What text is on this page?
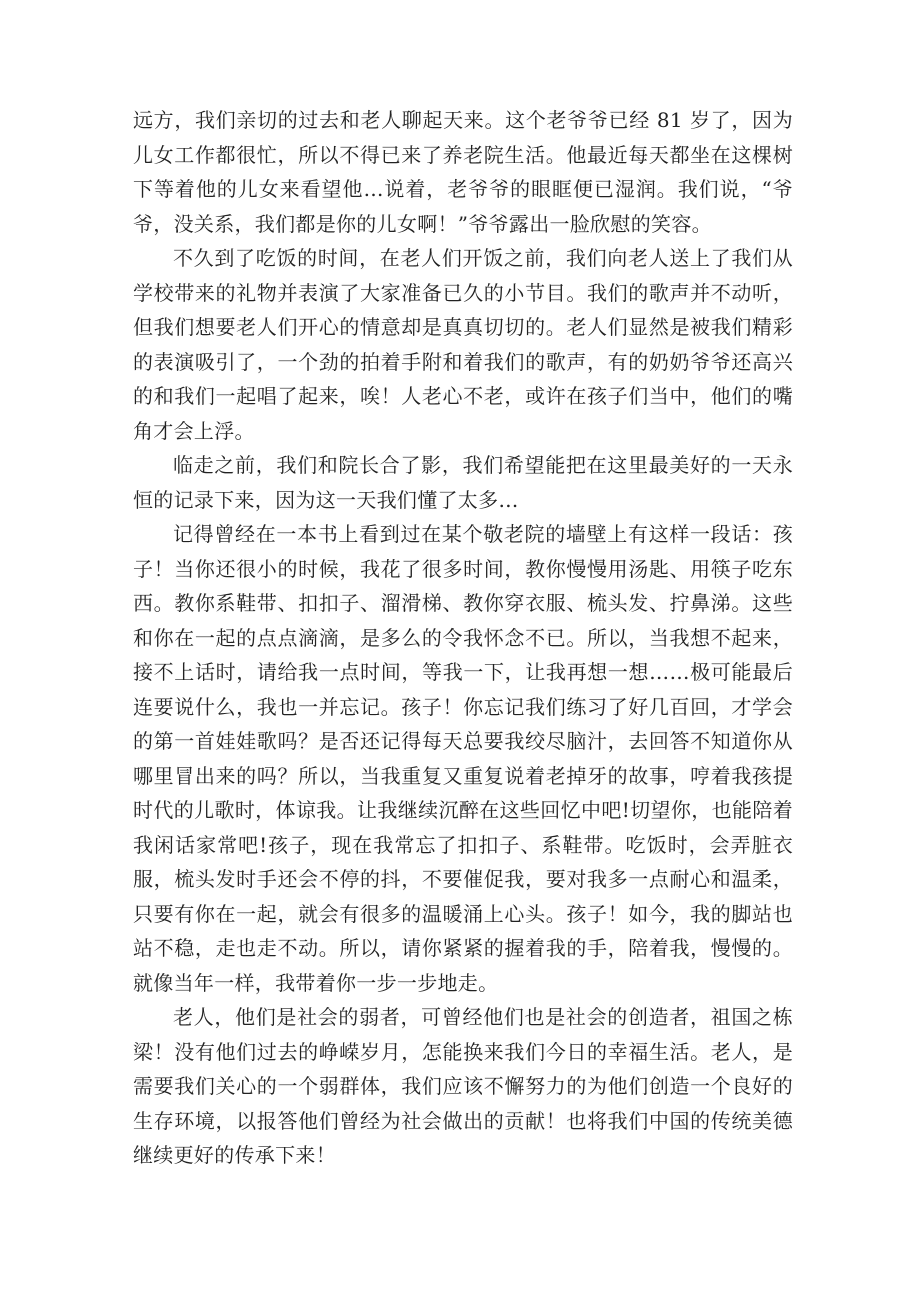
远方，我们亲切的过去和老人聊起天来。这个老爷爷已经 81 岁了，因为儿女工作都很忙，所以不得已来了养老院生活。他最近每天都坐在这棵树下等着他的儿女来看望他…说着，老爷爷的眼眶便已湿润。我们说，“爷爷，没关系，我们都是你的儿女啊！”爷爷露出一脸欣慰的笑容。

不久到了吃饭的时间，在老人们开饭之前，我们向老人送上了我们从学校带来的礼物并表演了大家准备已久的小节目。我们的歌声并不动听，但我们想要老人们开心的情意却是真真切切的。老人们显然是被我们精彩的表演吸引了，一个劲的拍着手附和着我们的歌声，有的奶奶爷爷还高兴的和我们一起唱了起来，唉！人老心不老，或许在孩子们当中，他们的嘴角才会上浮。

临走之前，我们和院长合了影，我们希望能把在这里最美好的一天永恒的记录下来，因为这一天我们懂了太多…

记得曾经在一本书上看到过在某个敬老院的墙壁上有这样一段话：孩子！当你还很小的时候，我花了很多时间，教你慢慢用汤匙、用筷子吃东西。教你系鞋带、扣扣子、溜滑梯、教你穿衣服、梳头发、拧鼻涕。这些和你在一起的点点滴滴，是多么的令我怀念不已。所以，当我想不起来，接不上话时，请给我一点时间，等我一下，让我再想一想……极可能最后连要说什么，我也一并忘记。孩子！你忘记我们练习了好几百回，才学会的第一首娃娃歌吗？是否还记得每天总要我绞尽脑汁，去回答不知道你从哪里冒出来的吗？所以，当我重复又重复说着老掉牙的故事，哼着我孩提时代的儿歌时，体谅我。让我继续沉醉在这些回忆中吧!切望你，也能陪着我闲话家常吧!孩子，现在我常忘了扣扣子、系鞋带。吃饭时，会弄脏衣服，梳头发时手还会不停的抖，不要催促我，要对我多一点耐心和温柔，只要有你在一起，就会有很多的温暖涌上心头。孩子！如今，我的脚站也站不稳，走也走不动。所以，请你紧紧的握着我的手，陪着我，慢慢的。就像当年一样，我带着你一步一步地走。

老人，他们是社会的弱者，可曾经他们也是社会的创造者，祖国之栋梁！没有他们过去的峥嵘岁月，怎能换来我们今日的幸福生活。老人，是需要我们关心的一个弱群体，我们应该不懈努力的为他们创造一个良好的生存环境，以报答他们曾经为社会做出的贡献！也将我们中国的传统美德继续更好的传承下来！
